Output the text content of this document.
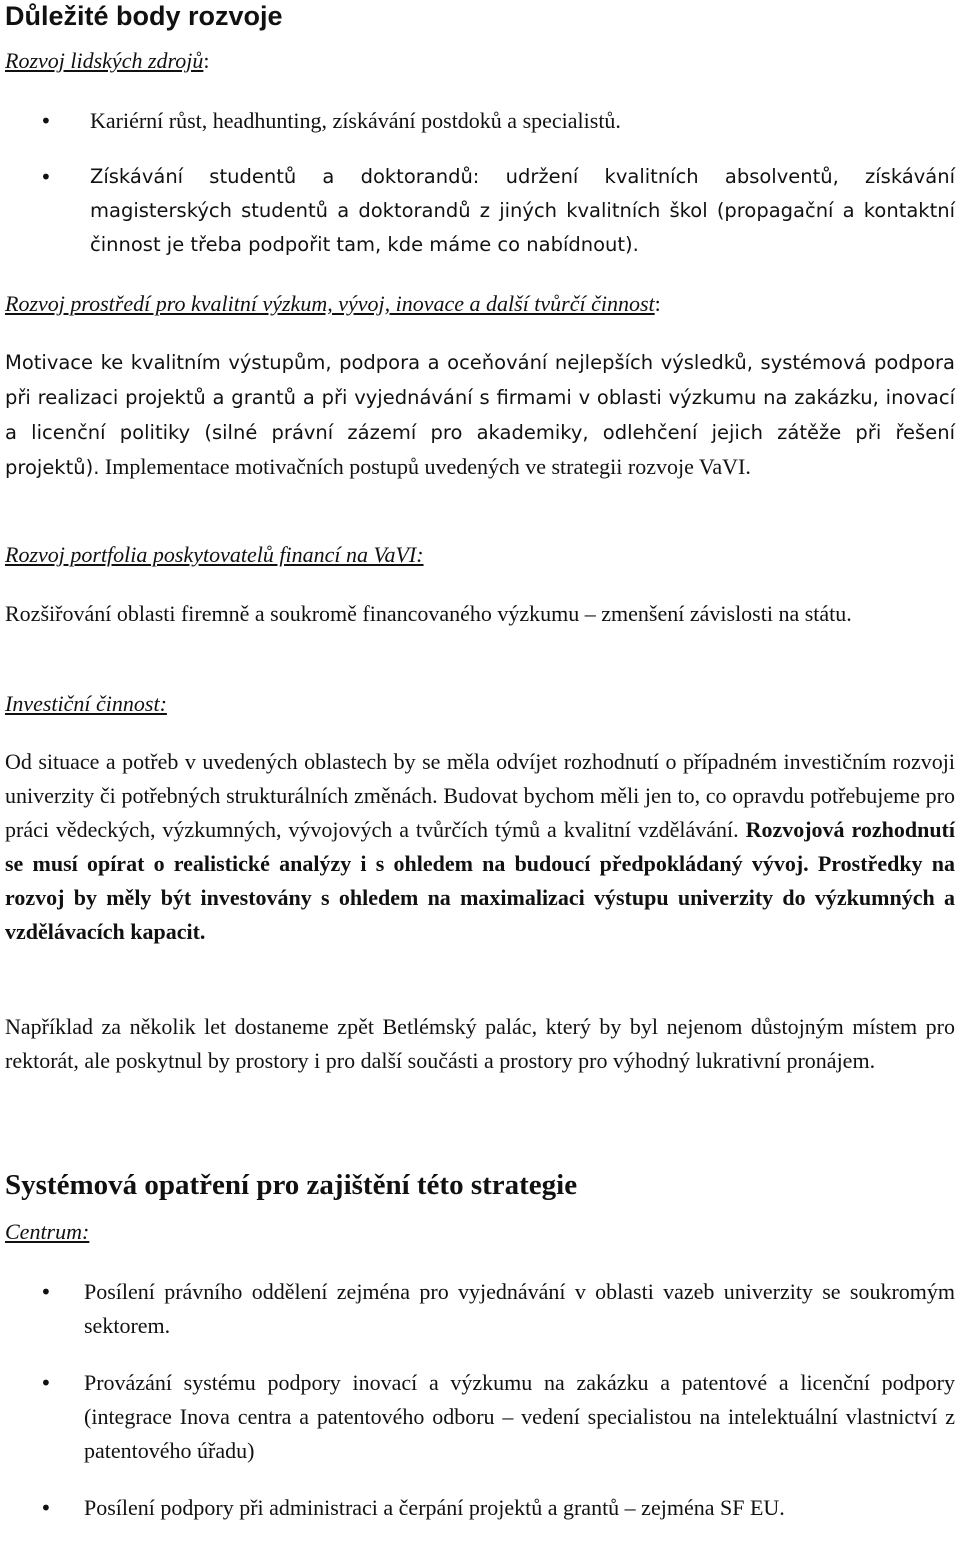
Důležité body rozvoje
Rozvoj lidských zdrojů:
• Kariérní růst, headhunting, získávání postdoků a specialistů.
• Získávání studentů a doktorandů: udržení kvalitních absolventů, získávání magisterských studentů a doktorandů z jiných kvalitních škol (propagační a kontaktní činnost je třeba podpořit tam, kde máme co nabídnout).
Rozvoj prostředí pro kvalitní výzkum, vývoj, inovace a další tvůrčí činnost:

Motivace ke kvalitním výstupům, podpora a oceňování nejlepších výsledků, systémová podpora při realizaci projektů a grantů a při vyjednávání s firmami v oblasti výzkumu na zakázku, inovací a licenční politiky (silné právní zázemí pro akademiky, odlehčení jejich zátěže při řešení projektů). Implementace motivačních postupů uvedených ve strategii rozvoje VaVI.

Rozvoj portfolia poskytovatelů financí na VaVI:

Rozšiřování oblasti firemně a soukromě financovaného výzkumu – zmenšení závislosti na státu.

Investiční činnost:

Od situace a potřeb v uvedených oblastech by se měla odvíjet rozhodnutí o případném investičním rozvoji univerzity či potřebných strukturálních změnách. Budovat bychom měli jen to, co opravdu potřebujeme pro práci vědeckých, výzkumných, vývojových a tvůrčích týmů a kvalitní vzdělávání. Rozvojová rozhodnutí se musí opírat o realistické analýzy i s ohledem na budoucí předpokládaný vývoj. Prostředky na rozvoj by měly být investovány s ohledem na maximalizaci výstupu univerzity do výzkumných a vzdělávacích kapacit.

Například za několik let dostaneme zpět Betlémský palác, který by byl nejenom důstojným místem pro rektorát, ale poskytnul by prostory i pro další součásti a prostory pro výhodný lukrativní pronájem.

Systémová opatření pro zajištění této strategie
Centrum:
• Posílení právního oddělení zejména pro vyjednávání v oblasti vazeb univerzity se soukromým sektorem.
• Provázání systému podpory inovací a výzkumu na zakázku a patentové a licenční podpory (integrace Inova centra a patentového odboru – vedení specialistou na intelektuální vlastnictví z patentového úřadu)
• Posílení podpory při administraci a čerpání projektů a grantů – zejména SF EU.
